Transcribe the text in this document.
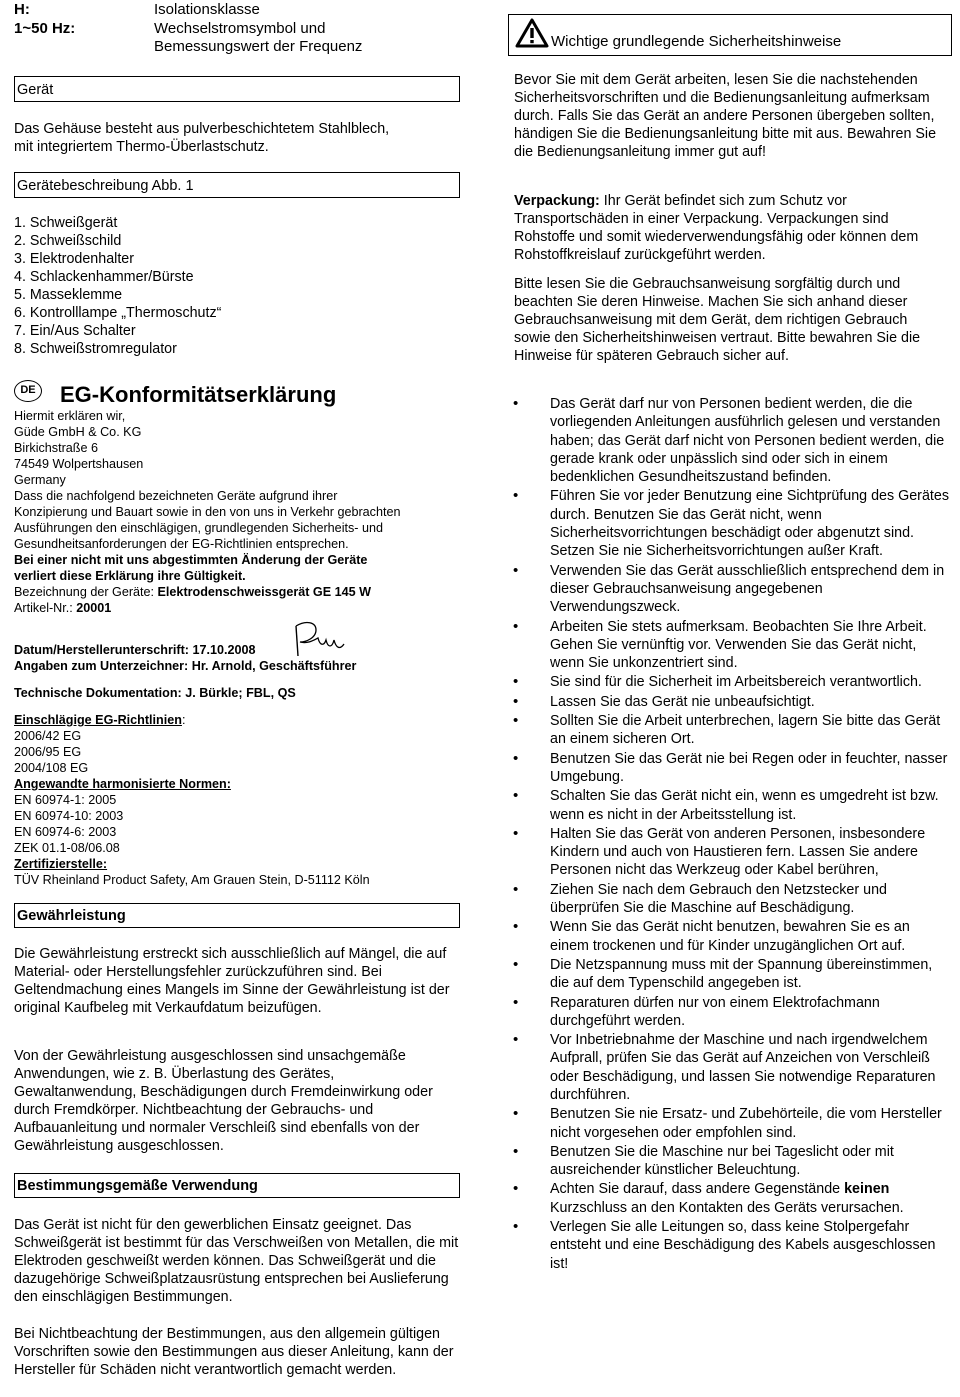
H:	Isolationsklasse
1~50 Hz:	Wechselstromsymbol und
Bemessungswert der Frequenz
Gerät
Das Gehäuse besteht aus pulverbeschichtetem Stahlblech,
mit integriertem Thermo-Überlastschutz.
Gerätebeschreibung Abb. 1
1. Schweißgerät
2. Schweißschild
3. Elektrodenhalter
4. Schlackenhammer/Bürste
5. Masseklemme
6. Kontrolllampe „Thermoschutz“
7. Ein/Aus Schalter
8. Schweißstromregulator
DE EG-Konformitätserklärung
Hiermit erklären wir,
Güde GmbH & Co. KG
Birkichstraße 6
74549 Wolpertshausen
Germany
Dass die nachfolgend bezeichneten Geräte aufgrund ihrer
Konzipierung und Bauart sowie in den von uns in Verkehr gebrachten
Ausführungen den einschlägigen, grundlegenden Sicherheits- und
Gesundheitsanforderungen der EG-Richtlinien entsprechen.
Bei einer nicht mit uns abgestimmten Änderung der Geräte
verliert diese Erklärung ihre Gültigkeit.
Bezeichnung der Geräte: Elektrodenschweissgerät GE 145 W
Artikel-Nr.: 20001
Datum/Herstellerunterschrift: 17.10.2008
Angaben zum Unterzeichner: Hr. Arnold, Geschäftsführer
Technische Dokumentation: J. Bürkle; FBL, QS
Einschlägige EG-Richtlinien:
2006/42 EG
2006/95 EG
2004/108 EG
Angewandte harmonisierte Normen:
EN 60974-1: 2005
EN 60974-10: 2003
EN 60974-6: 2003
ZEK 01.1-08/06.08
Zertifizierstelle:
TÜV Rheinland Product Safety, Am Grauen Stein, D-51112 Köln
Gewährleistung

Die Gewährleistung erstreckt sich ausschließlich auf Mängel, die auf Material- oder Herstellungsfehler zurückzuführen sind. Bei Geltendmachung eines Mangels im Sinne der Gewährleistung ist der original Kaufbeleg mit Verkaufdatum beizufügen.

Von der Gewährleistung ausgeschlossen sind unsachgemäße Anwendungen, wie z. B. Überlastung des Gerätes, Gewaltanwendung, Beschädigungen durch Fremdeinwirkung oder durch Fremdkörper. Nichtbeachtung der Gebrauchs- und Aufbauanleitung und normaler Verschleiß sind ebenfalls von der Gewährleistung ausgeschlossen.

Bestimmungsgemäße Verwendung

Das Gerät ist nicht für den gewerblichen Einsatz geeignet. Das Schweißgerät ist bestimmt für das Verschweißen von Metallen, die mit Elektroden geschweißt werden können. Das Schweißgerät und die dazugehörige Schweißplatzausrüstung entsprechen bei Auslieferung den einschlägigen Bestimmungen.

Bei Nichtbeachtung der Bestimmungen, aus den allgemein gültigen Vorschriften sowie den Bestimmungen aus dieser Anleitung, kann der Hersteller für Schäden nicht verantwortlich gemacht werden.

Wichtige grundlegende Sicherheitshinweise

Bevor Sie mit dem Gerät arbeiten, lesen Sie die nachstehenden Sicherheitsvorschriften und die Bedienungsanleitung aufmerksam durch. Falls Sie das Gerät an andere Personen übergeben sollten, händigen Sie die Bedienungsanleitung bitte mit aus. Bewahren Sie die Bedienungsanleitung immer gut auf!

Verpackung: Ihr Gerät befindet sich zum Schutz vor Transportschäden in einer Verpackung. Verpackungen sind Rohstoffe und somit wiederverwendungsfähig oder können dem Rohstoffkreislauf zurückgeführt werden.

Bitte lesen Sie die Gebrauchsanweisung sorgfältig durch und beachten Sie deren Hinweise. Machen Sie sich anhand dieser Gebrauchsanweisung mit dem Gerät, dem richtigen Gebrauch sowie den Sicherheitshinweisen vertraut. Bitte bewahren Sie die Hinweise für späteren Gebrauch sicher auf.

• Das Gerät darf nur von Personen bedient werden, die die vorliegenden Anleitungen ausführlich gelesen und verstanden haben; das Gerät darf nicht von Personen bedient werden, die gerade krank oder unpässlich sind oder sich in einem bedenklichen Gesundheitszustand befinden.
• Führen Sie vor jeder Benutzung eine Sichtprüfung des Gerätes durch. Benutzen Sie das Gerät nicht, wenn Sicherheitsvorrichtungen beschädigt oder abgenutzt sind. Setzen Sie nie Sicherheitsvorrichtungen außer Kraft.
• Verwenden Sie das Gerät ausschließlich entsprechend dem in dieser Gebrauchsanweisung angegebenen Verwendungszweck.
• Arbeiten Sie stets aufmerksam. Beobachten Sie Ihre Arbeit. Gehen Sie vernünftig vor. Verwenden Sie das Gerät nicht, wenn Sie unkonzentriert sind.
• Sie sind für die Sicherheit im Arbeitsbereich verantwortlich.
• Lassen Sie das Gerät nie unbeaufsichtigt.
• Sollten Sie die Arbeit unterbrechen, lagern Sie bitte das Gerät an einem sicheren Ort.
• Benutzen Sie das Gerät nie bei Regen oder in feuchter, nasser Umgebung.
• Schalten Sie das Gerät nicht ein, wenn es umgedreht ist bzw. wenn es nicht in der Arbeitsstellung ist.
• Halten Sie das Gerät von anderen Personen, insbesondere Kindern und auch von Haustieren fern. Lassen Sie andere Personen nicht das Werkzeug oder Kabel berühren,
• Ziehen Sie nach dem Gebrauch den Netzstecker und überprüfen Sie die Maschine auf Beschädigung.
• Wenn Sie das Gerät nicht benutzen, bewahren Sie es an einem trockenen und für Kinder unzugänglichen Ort auf.
• Die Netzspannung muss mit der Spannung übereinstimmen, die auf dem Typenschild angegeben ist.
• Reparaturen dürfen nur von einem Elektrofachmann durchgeführt werden.
• Vor Inbetriebnahme der Maschine und nach irgendwelchem Aufprall, prüfen Sie das Gerät auf Anzeichen von Verschleiß oder Beschädigung, und lassen Sie notwendige Reparaturen durchführen.
• Benutzen Sie nie Ersatz- und Zubehörteile, die vom Hersteller nicht vorgesehen oder empfohlen sind.
• Benutzen Sie die Maschine nur bei Tageslicht oder mit ausreichender künstlicher Beleuchtung.
• Achten Sie darauf, dass andere Gegenstände keinen Kurzschluss an den Kontakten des Geräts verursachen.
• Verlegen Sie alle Leitungen so, dass keine Stolpergefahr entsteht und eine Beschädigung des Kabels ausgeschlossen ist!
